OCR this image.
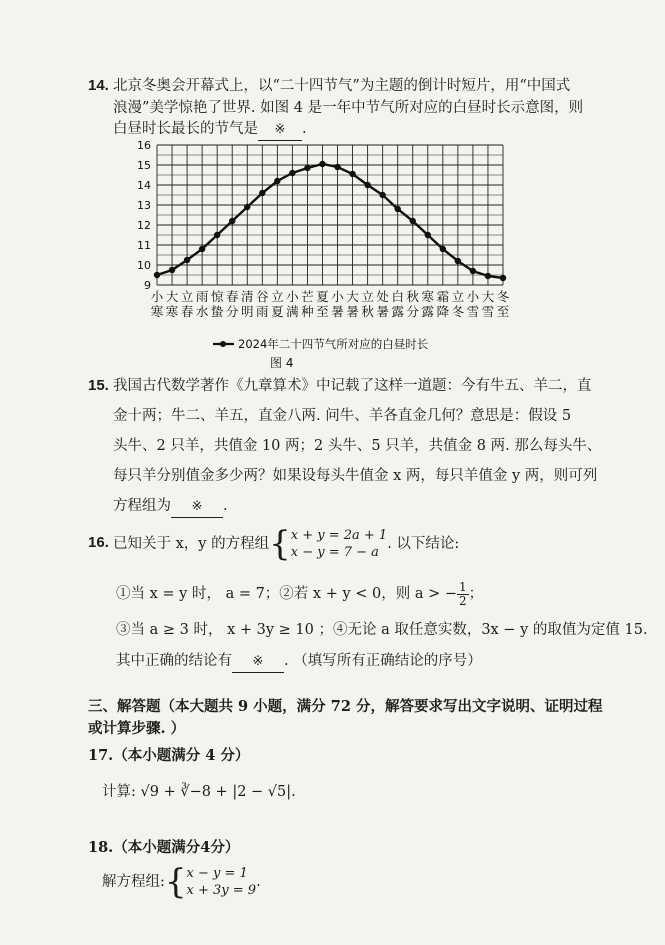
14. 北京冬奥会开幕式上，以“二十四节气”为主题的倒计时短片，用“中国式
浪漫”美学惊艳了世界. 如图 4 是一年中节气所对应的白昼时长示意图，则
白昼时长最长的节气是 ※ .
9
10
11
12
13
14
15
16
小寒
大寒
立春
雨水
惊蛰
春分
清明
谷雨
立夏
小满
芒种
夏至
小暑
大暑
立秋
处暑
白露
秋分
寒露
霜降
立冬
小雪
大雪
冬至
2024年二十四节气所对应的白昼时长
图 4
15. 我国古代数学著作《九章算术》中记载了这样一道题：今有牛五、羊二，直
金十两；牛二、羊五，直金八两. 问牛、羊各直金几何？意思是：假设 5
头牛、2 只羊，共值金 10 两；2 头牛、5 只羊，共值金 8 两. 那么每头牛、
每只羊分别值金多少两？如果设每头牛值金 x 两，每只羊值金 y 两，则可列
方程组为 ※ .
16. 已知关于 x，y 的方程组 { x + y = 2a + 1
x − y = 7 − a
. 以下结论:
①当 x = y 时， a = 7；②若 x + y < 0，则 a > − $\frac{1}{2}$ ；
③当 a ≥ 3 时， x + 3y ≥ 10 ；④无论 a 取任意实数，3x − y 的取值为定值 15.
其中正确的结论有 ※ . （填写所有正确结论的序号）
三、解答题（本大题共 9 小题，满分 72 分，解答要求写出文字说明、证明过程
或计算步骤. ）
17.（本小题满分 4 分）
计算: √9 + ∛−8 + |2 − √5|.
18.（本小题满分4分）
解方程组: { x − y = 1
x + 3y = 9
.
